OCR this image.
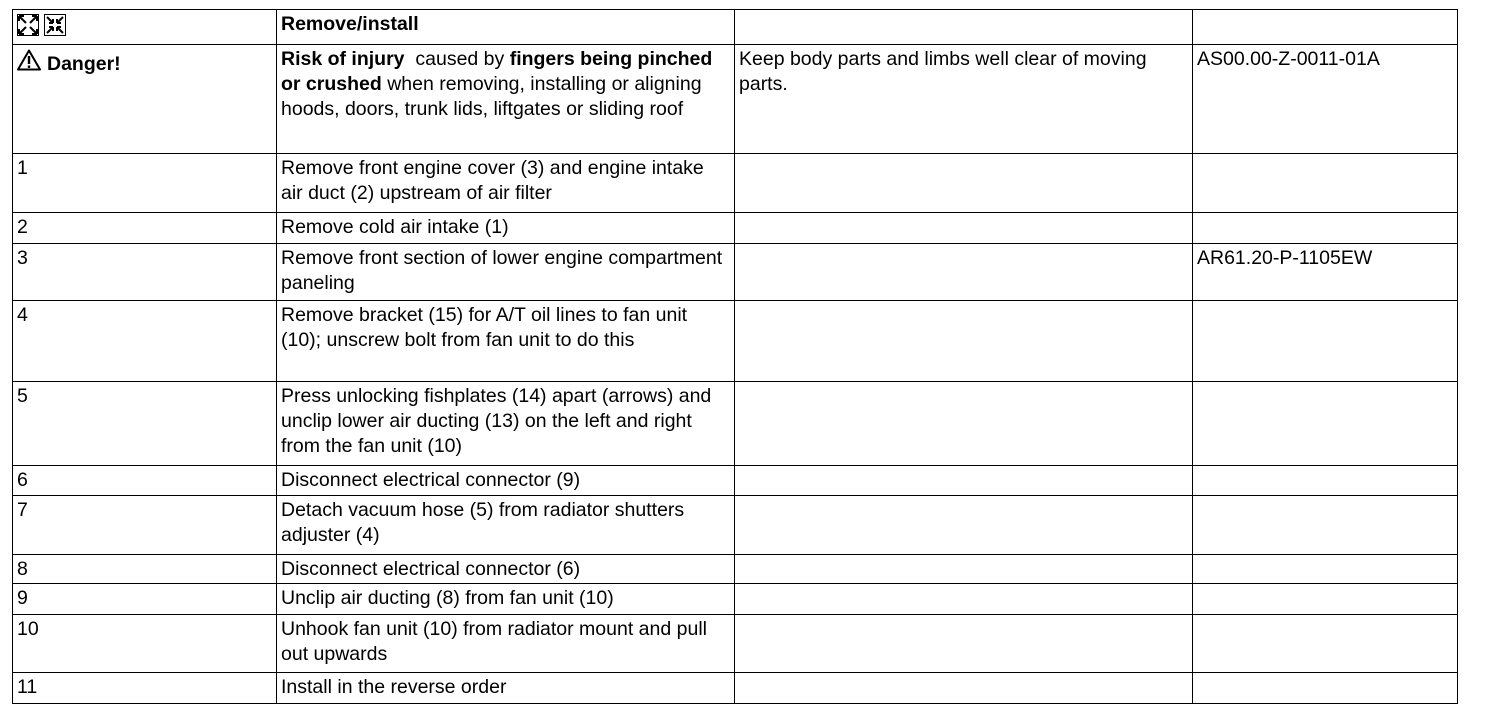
	Remove/install		

Danger!	Risk of injury caused by fingers being pinched or crushed when removing, installing or aligning hoods, doors, trunk lids, liftgates or sliding roof	Keep body parts and limbs well clear of moving parts.	AS00.00-Z-0011-01A
1	Remove front engine cover (3) and engine intake air duct (2) upstream of air filter		
2	Remove cold air intake (1)		
3	Remove front section of lower engine compartment paneling		AR61.20-P-1105EW
4	Remove bracket (15) for A/T oil lines to fan unit (10); unscrew bolt from fan unit to do this		
5	Press unlocking fishplates (14) apart (arrows) and unclip lower air ducting (13) on the left and right from the fan unit (10)		
6	Disconnect electrical connector (9)		
7	Detach vacuum hose (5) from radiator shutters adjuster (4)		
8	Disconnect electrical connector (6)		
9	Unclip air ducting (8) from fan unit (10)		
10	Unhook fan unit (10) from radiator mount and pull out upwards		
11	Install in the reverse order		
